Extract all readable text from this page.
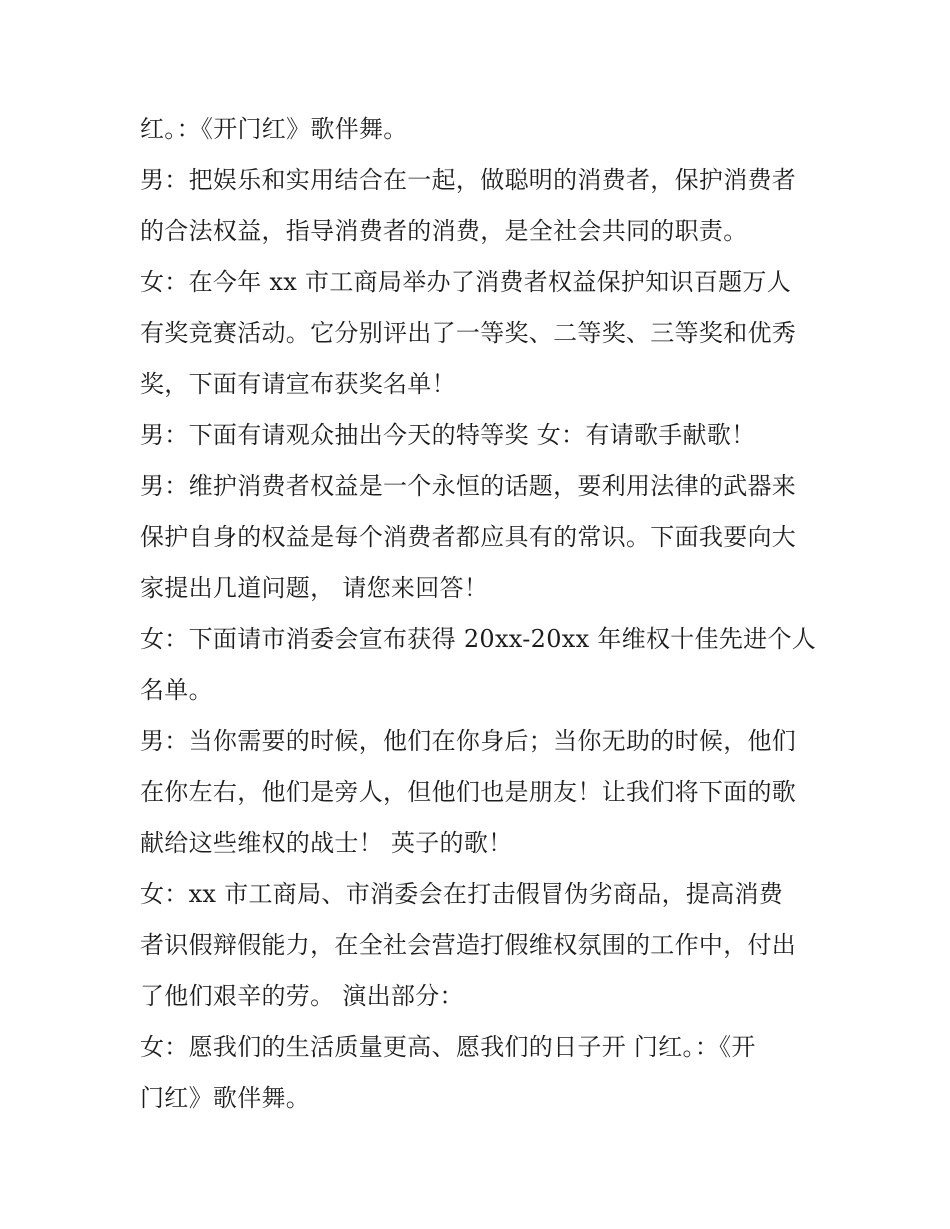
红。：《开门红》歌伴舞。

男：把娱乐和实用结合在一起，做聪明的消费者，保护消费者

的合法权益，指导消费者的消费，是全社会共同的职责。

女：在今年 xx 市工商局举办了消费者权益保护知识百题万人

有奖竞赛活动。它分别评出了一等奖、二等奖、三等奖和优秀

奖，下面有请宣布获奖名单！

男：下面有请观众抽出今天的特等奖 女：有请歌手献歌！

男：维护消费者权益是一个永恒的话题，要利用法律的武器来

保护自身的权益是每个消费者都应具有的常识。下面我要向大

家提出几道问题， 请您来回答！

女：下面请市消委会宣布获得 20xx-20xx 年维权十佳先进个人

名单。

男：当你需要的时候，他们在你身后；当你无助的时候，他们

在你左右，他们是旁人，但他们也是朋友！让我们将下面的歌

献给这些维权的战士！ 英子的歌！

女：xx 市工商局、市消委会在打击假冒伪劣商品，提高消费

者识假辩假能力，在全社会营造打假维权氛围的工作中，付出

了他们艰辛的劳。 演出部分：

女：愿我们的生活质量更高、愿我们的日子开 门红。：《开

门红》歌伴舞。
